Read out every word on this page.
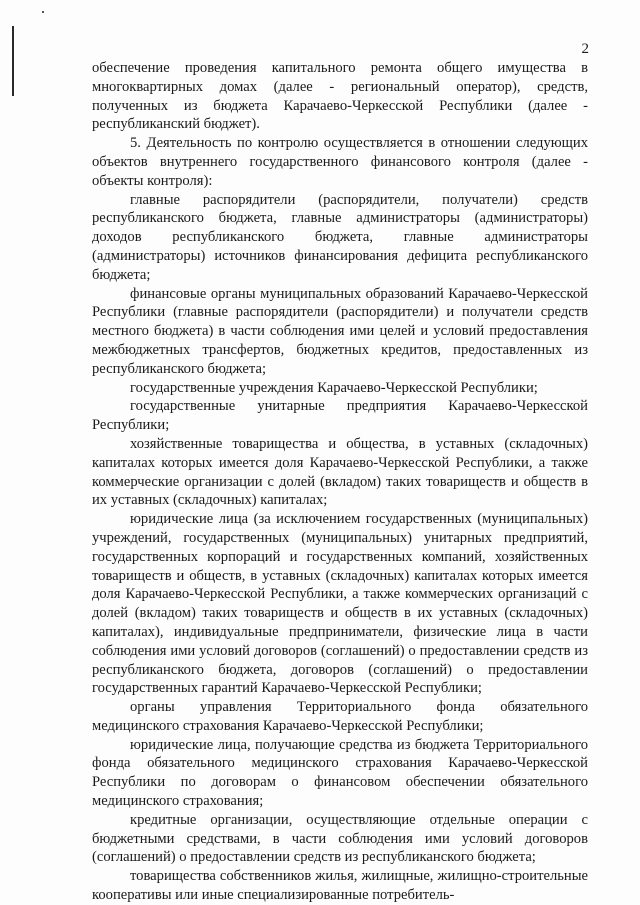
2

обеспечение проведения капитального ремонта общего имущества в многоквартирных домах (далее - региональный оператор), средств, полученных из бюджета Карачаево-Черкесской Республики (далее - республиканский бюджет).

5. Деятельность по контролю осуществляется в отношении следующих объектов внутреннего государственного финансового контроля (далее - объекты контроля):

главные распорядители (распорядители, получатели) средств республиканского бюджета, главные администраторы (администраторы) доходов республиканского бюджета, главные администраторы (администраторы) источников финансирования дефицита республиканского бюджета;

финансовые органы муниципальных образований Карачаево-Черкесской Республики (главные распорядители (распорядители) и получатели средств местного бюджета) в части соблюдения ими целей и условий предоставления межбюджетных трансфертов, бюджетных кредитов, предоставленных из республиканского бюджета;

государственные учреждения Карачаево-Черкесской Республики;

государственные унитарные предприятия Карачаево-Черкесской Республики;

хозяйственные товарищества и общества, в уставных (складочных) капиталах которых имеется доля Карачаево-Черкесской Республики, а также коммерческие организации с долей (вкладом) таких товариществ и обществ в их уставных (складочных) капиталах;

юридические лица (за исключением государственных (муниципальных) учреждений, государственных (муниципальных) унитарных предприятий, государственных корпораций и государственных компаний, хозяйственных товариществ и обществ, в уставных (складочных) капиталах которых имеется доля Карачаево-Черкесской Республики, а также коммерческих организаций с долей (вкладом) таких товариществ и обществ в их уставных (складочных) капиталах), индивидуальные предприниматели, физические лица в части соблюдения ими условий договоров (соглашений) о предоставлении средств из республиканского бюджета, договоров (соглашений) о предоставлении государственных гарантий Карачаево-Черкесской Республики;

органы управления Территориального фонда обязательного медицинского страхования Карачаево-Черкесской Республики;

юридические лица, получающие средства из бюджета Территориального фонда обязательного медицинского страхования Карачаево-Черкесской Республики по договорам о финансовом обеспечении обязательного медицинского страхования;

кредитные организации, осуществляющие отдельные операции с бюджетными средствами, в части соблюдения ими условий договоров (соглашений) о предоставлении средств из республиканского бюджета;

товарищества собственников жилья, жилищные, жилищно-строительные кооперативы или иные специализированные потребитель-
